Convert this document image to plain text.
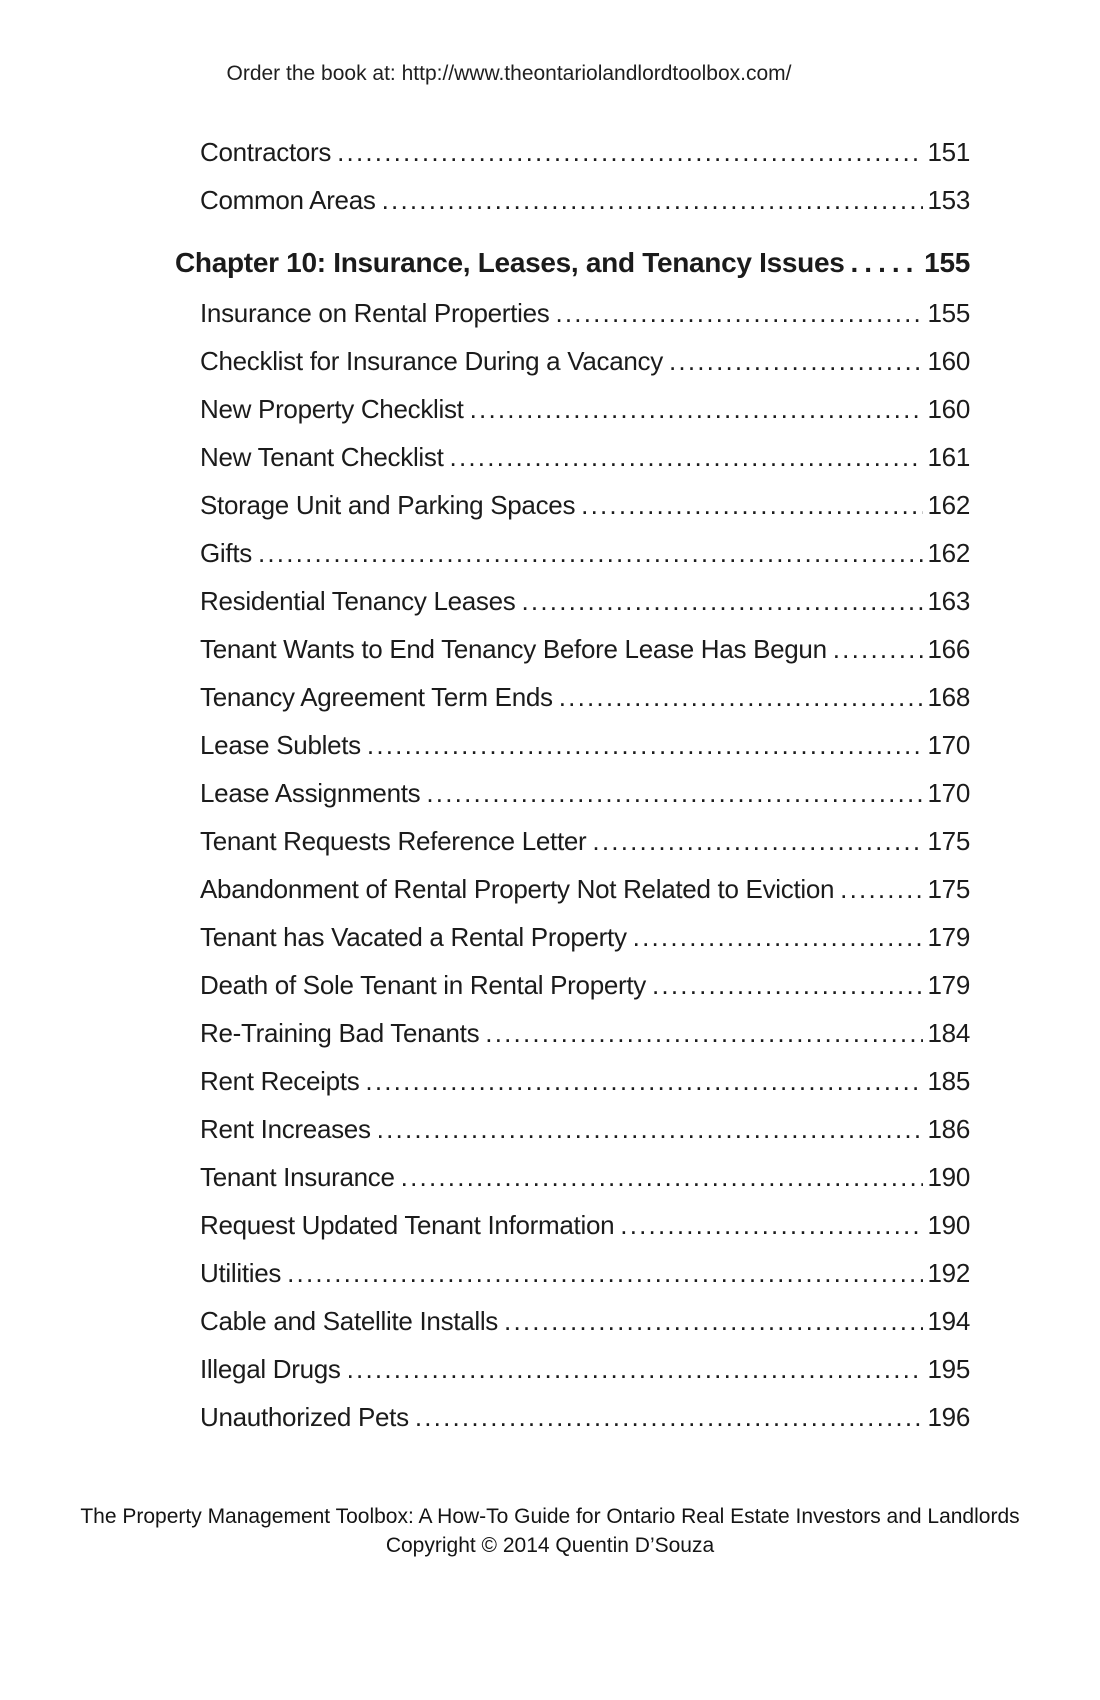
Order the book at: http://www.theontariolandlordtoolbox.com/
Contractors .....	151
Common Areas .....	153
Chapter 10: Insurance, Leases, and Tenancy Issues .....	155
Insurance on Rental Properties .....	155
Checklist for Insurance During a Vacancy .....	160
New Property Checklist .....	160
New Tenant Checklist .....	161
Storage Unit and Parking Spaces .....	162
Gifts .....	162
Residential Tenancy Leases .....	163
Tenant Wants to End Tenancy Before Lease Has Begun .....	166
Tenancy Agreement Term Ends .....	168
Lease Sublets .....	170
Lease Assignments .....	170
Tenant Requests Reference Letter .....	175
Abandonment of Rental Property Not Related to Eviction .....	175
Tenant has Vacated a Rental Property .....	179
Death of Sole Tenant in Rental Property .....	179
Re-Training Bad Tenants .....	184
Rent Receipts .....	185
Rent Increases .....	186
Tenant Insurance .....	190
Request Updated Tenant Information .....	190
Utilities .....	192
Cable and Satellite Installs .....	194
Illegal Drugs .....	195
Unauthorized Pets .....	196
The Property Management Toolbox: A How-To Guide for Ontario Real Estate Investors and Landlords
Copyright © 2014 Quentin D’Souza
